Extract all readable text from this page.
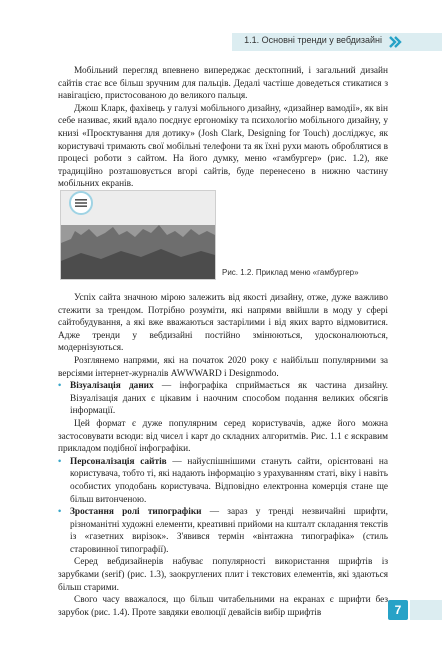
1.1. Основні тренди у вебдизайні

Мобільний перегляд впевнено випереджає десктопний, і загальний дизайн сайтів стає все більш зручним для пальців. Дедалі частіше доведеться стикатися з навігацією, пристосованою до великого пальця.

Джош Кларк, фахівець у галузі мобільного дизайну, «дизайнер вамодії», як він себе називає, який вдало поєднує ергономіку та психологію мобільного дизайну, у книзі «Проєктування для дотику» (Josh Clark, Designing for Touch) досліджує, як користувачі тримають свої мобільні телефони та як їхні рухи мають оброблятися в процесі роботи з сайтом. На його думку, меню «гамбургер» (рис. 1.2), яке традиційно розташовується вгорі сайтів, буде перенесено в нижню частину мобільних екранів.

Рис. 1.2. Приклад меню «гамбургер»

Успіх сайта значною мірою залежить від якості дизайну, отже, дуже важливо стежити за трендом. Потрібно розуміти, які напрями ввійшли в моду у сфері сайтобудування, а які вже вважаються застарілими і від яких варто відмовитися. Адже тренди у вебдизайні постійно змінюються, удосконалюються, модернізуються.

Розглянемо напрями, які на початок 2020 року є найбільш популярними за версіями інтернет-журналів AWWWARD і Designmodo.

• Візуалізація даних — інфографіка сприймається як частина дизайну. Візуалізація даних є цікавим і наочним способом подання великих обсягів інформації.

Цей формат є дуже популярним серед користувачів, адже його можна застосовувати всюди: від чисел і карт до складних алгоритмів. Рис. 1.1 є яскравим прикладом подібної інфографіки.

• Персоналізація сайтів — найуспішнішими стануть сайти, орієнтовані на користувача, тобто ті, які надають інформацію з урахуванням статі, віку і навіть особистих уподобань користувача. Відповідно електронна комерція стане ще більш витонченою.

• Зростання ролі типографіки — зараз у тренді незвичайні шрифти, різноманітні художні елементи, креативні прийоми на кшталт складання текстів із «газетних вирізок». З'явився термін «вінтажна типографіка» (стиль старовинної типографії).

Серед вебдизайнерів набуває популярності використання шрифтів із зарубками (serif) (рис. 1.3), заокруглених плит і текстових елементів, які здаються більш старими.

Свого часу вважалося, що більш читабельними на екранах є шрифти без зарубок (рис. 1.4). Проте завдяки еволюції девайсів вибір шрифтів	7
